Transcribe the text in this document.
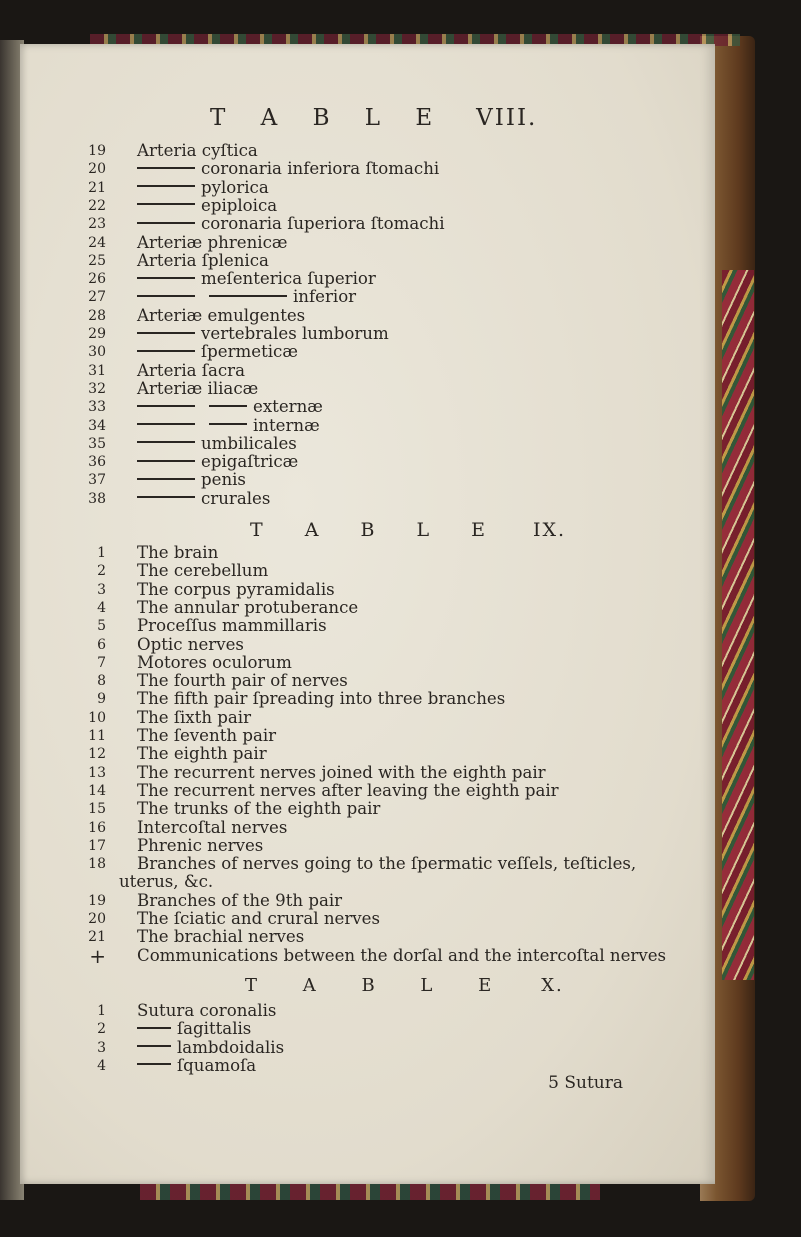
T A B L E VIII.
19 Arteria cyſtica
20	coronaria inferiora ſtomachi
21	pylorica
22	epiploica
23	coronaria ſuperiora ſtomachi
24 Arteriæ phrenicæ
25 Arteria ſplenica
26	meſenterica ſuperior
27	inferior
28 Arteriæ emulgentes
29	vertebrales lumborum
30	ſpermeticæ
31 Arteria ſacra
32 Arteriæ iliacæ
33	externæ
34	internæ
35	umbilicales
36	epigaſtricæ
37	penis
38	crurales
T A B L E IX.
1 The brain
2 The cerebellum
3 The corpus pyramidalis
4 The annular protuberance
5 Proceſſus mammillaris
6 Optic nerves
7 Motores oculorum
8 The fourth pair of nerves
9 The fifth pair ſpreading into three branches
10 The ſixth pair
11 The ſeventh pair
12 The eighth pair
13 The recurrent nerves joined with the eighth pair
14 The recurrent nerves after leaving the eighth pair
15 The trunks of the eighth pair
16 Intercoſtal nerves
17 Phrenic nerves
18 Branches of nerves going to the ſpermatic veſſels, teſticles,
uterus, &c.
19 Branches of the 9th pair
20 The ſciatic and crural nerves
21 The brachial nerves
+ Communications between the dorſal and the intercoſtal nerves
T A B L E X.
1 Sutura coronalis
2	ſagittalis
3	lambdoidalis
4	ſquamoſa
5 Sutura
